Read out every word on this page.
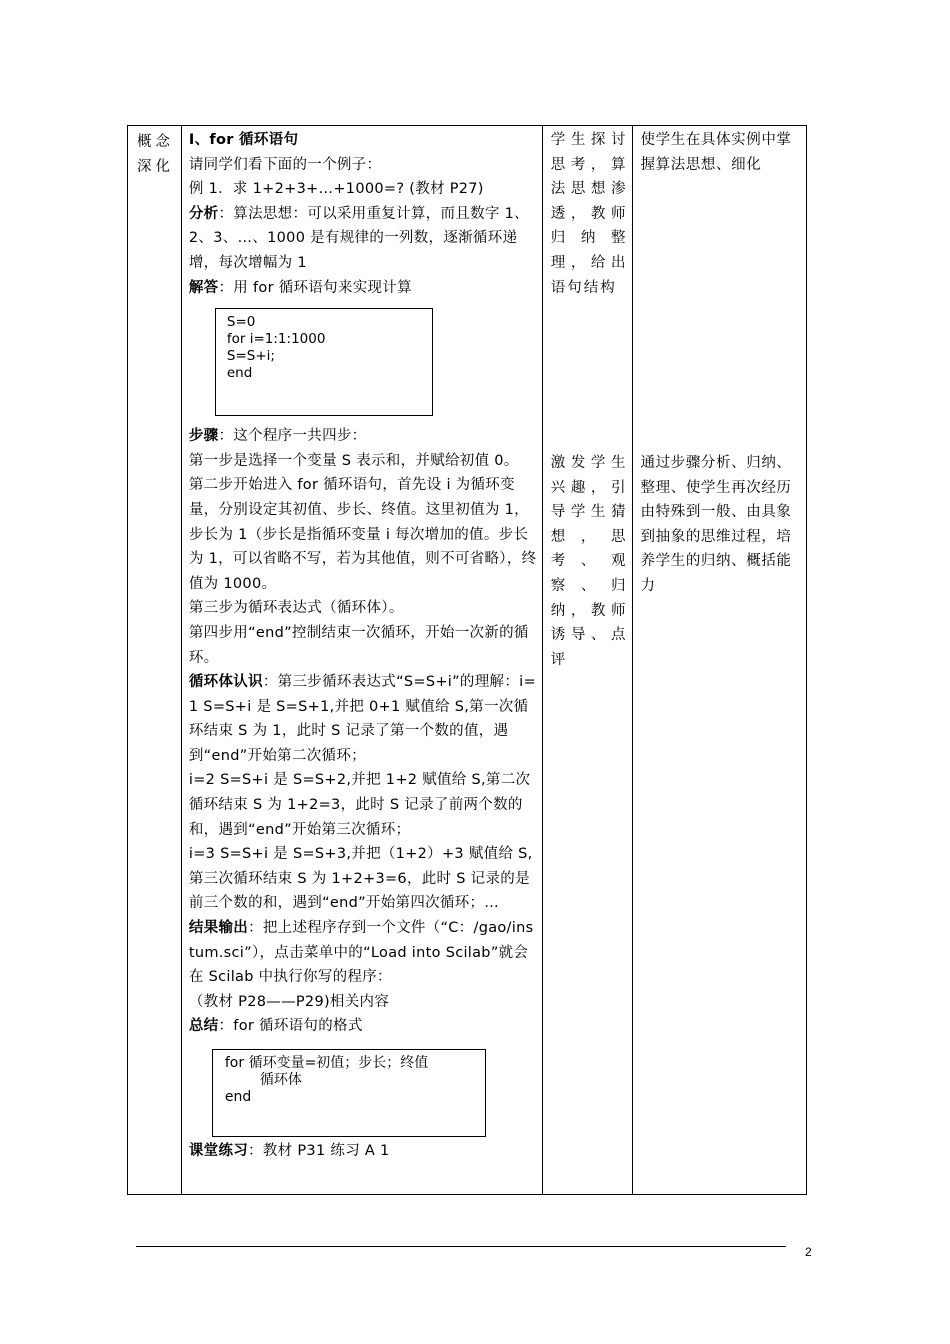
概念深化

I、for 循环语句

请同学们看下面的一个例子：

例 1．求 1+2+3+…+1000=? (教材 P27)

分析：算法思想：可以采用重复计算，而且数字 1、2、3、…、1000 是有规律的一列数，逐渐循环递增，每次增幅为 1

解答：用 for 循环语句来实现计算

S=0
for i=1:1:1000
S=S+i;
end

步骤：这个程序一共四步：

第一步是选择一个变量 S 表示和，并赋给初值 0。

第二步开始进入 for 循环语句，首先设 i 为循环变量，分别设定其初值、步长、终值。这里初值为 1，步长为 1（步长是指循环变量 i 每次增加的值。步长为 1，可以省略不写，若为其他值，则不可省略），终值为 1000。

第三步为循环表达式（循环体）。

第四步用“end”控制结束一次循环，开始一次新的循环。

循环体认识：第三步循环表达式“S=S+i”的理解：i=1 S=S+i 是 S=S+1,并把 0+1 赋值给 S,第一次循环结束 S 为 1，此时 S 记录了第一个数的值，遇到“end”开始第二次循环；

i=2 S=S+i 是 S=S+2,并把 1+2 赋值给 S,第二次循环结束 S 为 1+2=3，此时 S 记录了前两个数的和，遇到“end”开始第三次循环；

i=3 S=S+i 是 S=S+3,并把（1+2）+3 赋值给 S,第三次循环结束 S 为 1+2+3=6，此时 S 记录的是前三个数的和，遇到“end”开始第四次循环；…

结果输出：把上述程序存到一个文件（“C：/gao/instum.sci”），点击菜单中的“Load into Scilab”就会在 Scilab 中执行你写的程序：

（教材 P28——P29)相关内容

总结：for 循环语句的格式

for 循环变量=初值；步长；终值
循环体
end

课堂练习：教材 P31 练习 A 1

学生探讨思考，算法思想渗透，教师归纳整理，给出语句结构
激发学生兴趣，引导学生猜想，思考、观察、归纳，教师诱导、点评
使学生在具体实例中掌握算法思想、细化
通过步骤分析、归纳、整理、使学生再次经历由特殊到一般、由具象到抽象的思维过程，培养学生的归纳、概括能力
2
